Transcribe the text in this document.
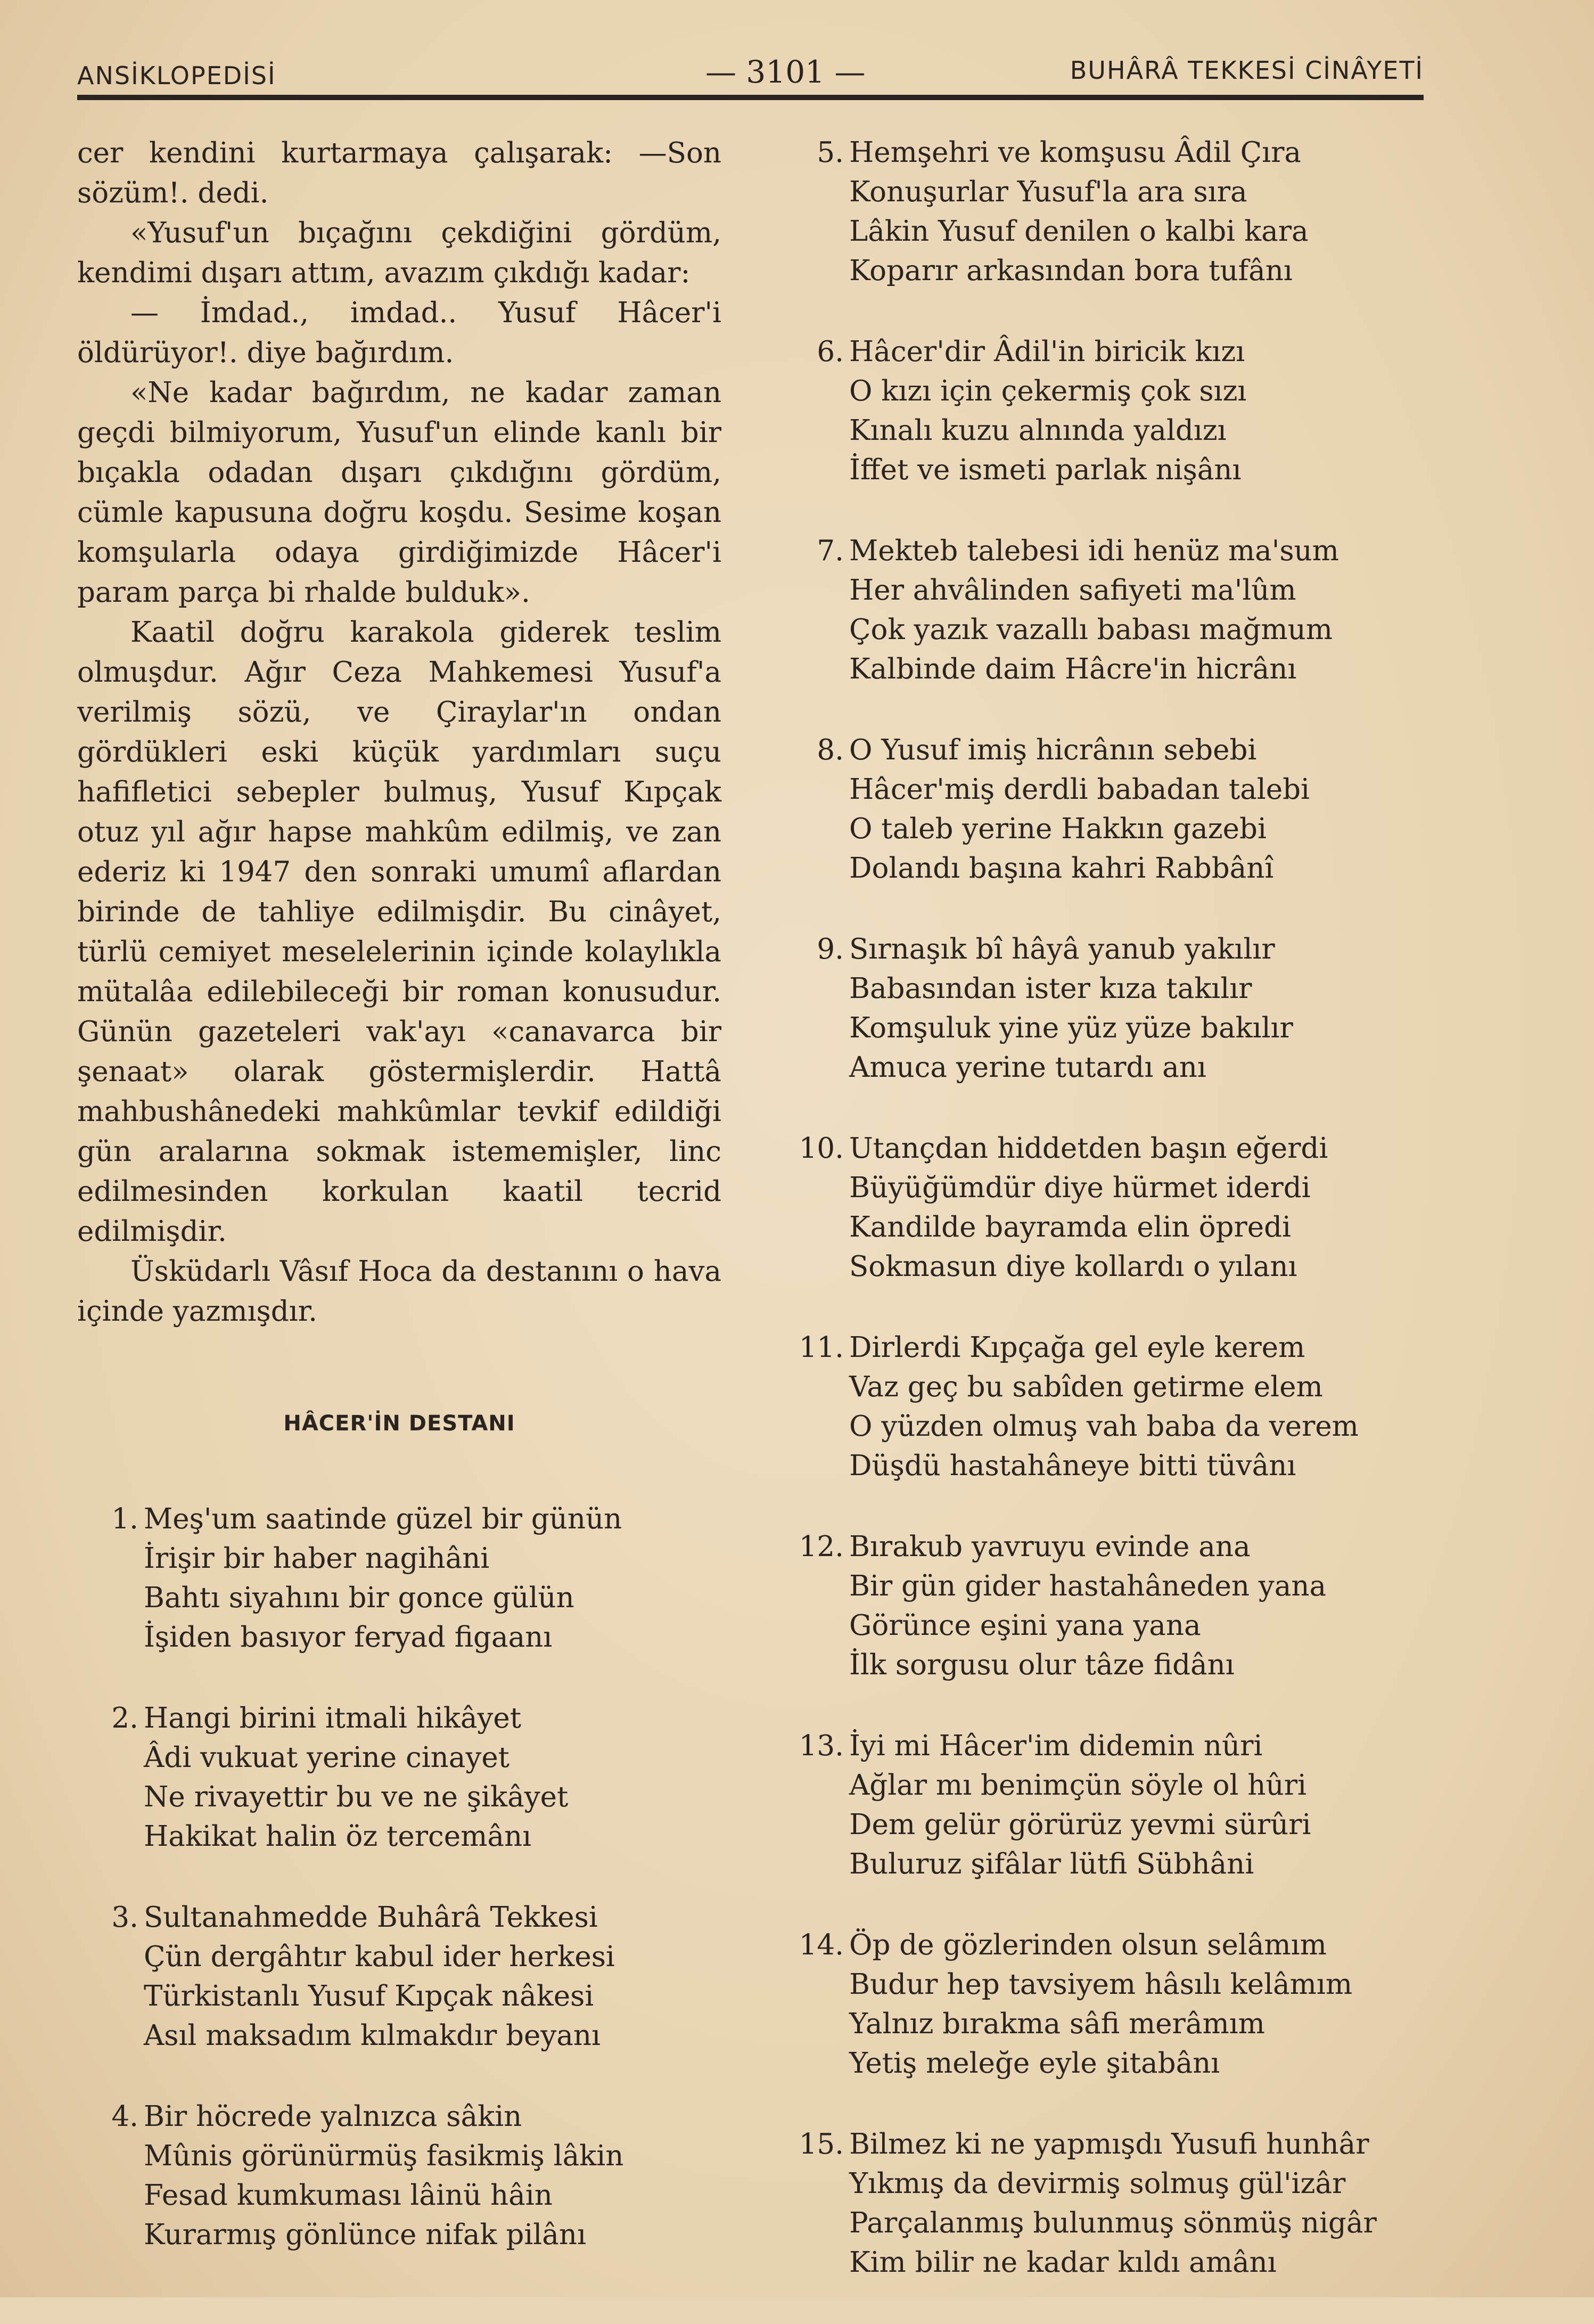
ANSİKLOPEDİSİ	— 3101 —	BUHÂRÂ TEKKESİ CİNÂYETİ

cer kendini kurtarmaya çalışarak: —Son sözüm!. dedi.

«Yusuf'un bıçağını çekdiğini gördüm, kendimi dışarı attım, avazım çıkdığı kadar:

— İmdad., imdad.. Yusuf Hâcer'i öldürüyor!. diye bağırdım.

«Ne kadar bağırdım, ne kadar zaman geçdi bilmiyorum, Yusuf'un elinde kanlı bir bıçakla odadan dışarı çıkdığını gördüm, cümle kapusuna doğru koşdu. Sesime koşan komşularla odaya girdiğimizde Hâcer'i param parça bi rhalde bulduk».

Kaatil doğru karakola giderek teslim olmuşdur. Ağır Ceza Mahkemesi Yusuf'a verilmiş sözü, ve Çiraylar'ın ondan gördükleri eski küçük yardımları suçu hafifletici sebepler bulmuş, Yusuf Kıpçak otuz yıl ağır hapse mahkûm edilmiş, ve zan ederiz ki 1947 den sonraki umumî aflardan birinde de tahliye edilmişdir. Bu cinâyet, türlü cemiyet meselelerinin içinde kolaylıkla mütalâa edilebileceği bir roman konusudur. Günün gazeteleri vak'ayı «canavarca bir şenaat» olarak göstermişlerdir. Hattâ mahbushânedeki mahkûmlar tevkif edildiği gün aralarına sokmak istememişler, linc edilmesinden korkulan kaatil tecrid edilmişdir.

Üsküdarlı Vâsıf Hoca da destanını o hava içinde yazmışdır.

HÂCER'İN DESTANI
1. Meş'um saatinde güzel bir günün
İrişir bir haber nagihâni
Bahtı siyahını bir gonce gülün
İşiden basıyor feryad figaanı
2. Hangi birini itmali hikâyet
Âdi vukuat yerine cinayet
Ne rivayettir bu ve ne şikâyet
Hakikat halin öz tercemânı
3. Sultanahmedde Buhârâ Tekkesi
Çün dergâhtır kabul ider herkesi
Türkistanlı Yusuf Kıpçak nâkesi
Asıl maksadım kılmakdır beyanı
4. Bir höcrede yalnızca sâkin
Mûnis görünürmüş fasikmiş lâkin
Fesad kumkuması lâinü hâin
Kurarmış gönlünce nifak pilânı
5. Hemşehri ve komşusu Âdil Çıra
Konuşurlar Yusuf'la ara sıra
Lâkin Yusuf denilen o kalbi kara
Koparır arkasından bora tufânı
6. Hâcer'dir Âdil'in biricik kızı
O kızı için çekermiş çok sızı
Kınalı kuzu alnında yaldızı
İffet ve ismeti parlak nişânı
7. Mekteb talebesi idi henüz ma'sum
Her ahvâlinden safiyeti ma'lûm
Çok yazık vazallı babası mağmum
Kalbinde daim Hâcre'in hicrânı
8. O Yusuf imiş hicrânın sebebi
Hâcer'miş derdli babadan talebi
O taleb yerine Hakkın gazebi
Dolandı başına kahri Rabbânî
9. Sırnaşık bî hâyâ yanub yakılır
Babasından ister kıza takılır
Komşuluk yine yüz yüze bakılır
Amuca yerine tutardı anı
10. Utançdan hiddetden başın eğerdi
Büyüğümdür diye hürmet iderdi
Kandilde bayramda elin öpredi
Sokmasun diye kollardı o yılanı
11. Dirlerdi Kıpçağa gel eyle kerem
Vaz geç bu sabîden getirme elem
O yüzden olmuş vah baba da verem
Düşdü hastahâneye bitti tüvânı
12. Bırakub yavruyu evinde ana
Bir gün gider hastahâneden yana
Görünce eşini yana yana
İlk sorgusu olur tâze fidânı
13. İyi mi Hâcer'im didemin nûri
Ağlar mı benimçün söyle ol hûri
Dem gelür görürüz yevmi sürûri
Buluruz şifâlar lütfi Sübhâni
14. Öp de gözlerinden olsun selâmım
Budur hep tavsiyem hâsılı kelâmım
Yalnız bırakma sâfi merâmım
Yetiş meleğe eyle şitabânı
15. Bilmez ki ne yapmışdı Yusufi hunhâr
Yıkmış da devirmiş solmuş gül'izâr
Parçalanmış bulunmuş sönmüş nigâr
Kim bilir ne kadar kıldı amânı
